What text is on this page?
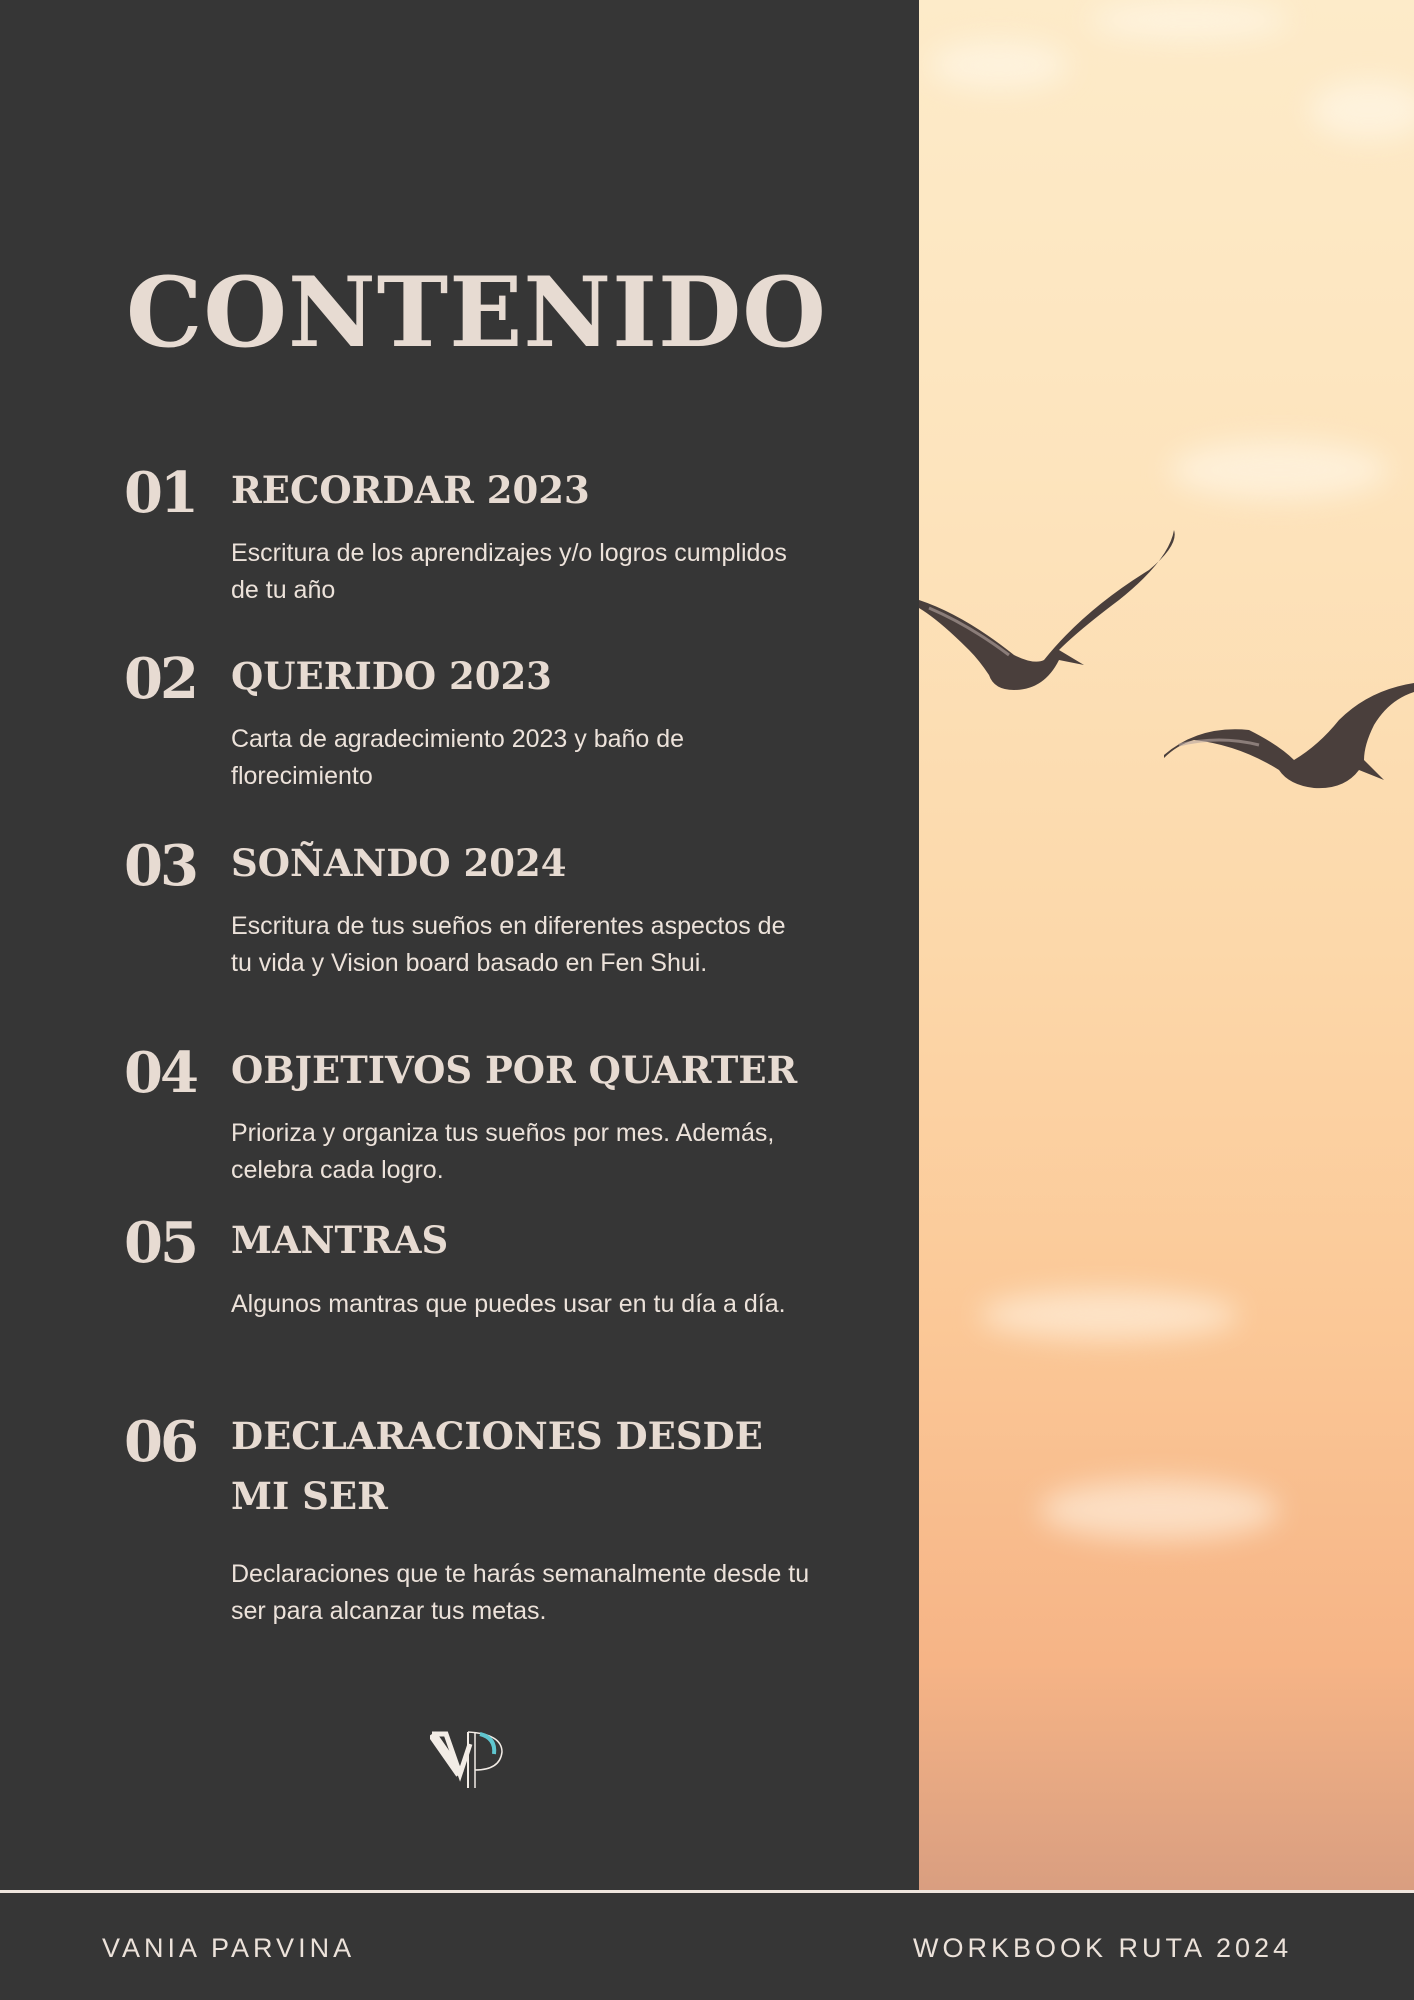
CONTENIDO
01 RECORDAR 2023
Escritura de los aprendizajes y/o logros cumplidos de tu año
02 QUERIDO 2023
Carta de agradecimiento 2023 y baño de florecimiento
03 SOÑANDO 2024
Escritura de tus sueños en diferentes aspectos de tu vida y Vision board basado en Fen Shui.
04 OBJETIVOS POR QUARTER
Prioriza y organiza tus sueños por mes. Además, celebra cada logro.
05 MANTRAS
Algunos mantras que puedes usar en tu día a día.
06 DECLARACIONES DESDE MI SER
Declaraciones que te harás semanalmente desde tu ser para alcanzar tus metas.
VANIA PARVINA	WORKBOOK RUTA 2024
